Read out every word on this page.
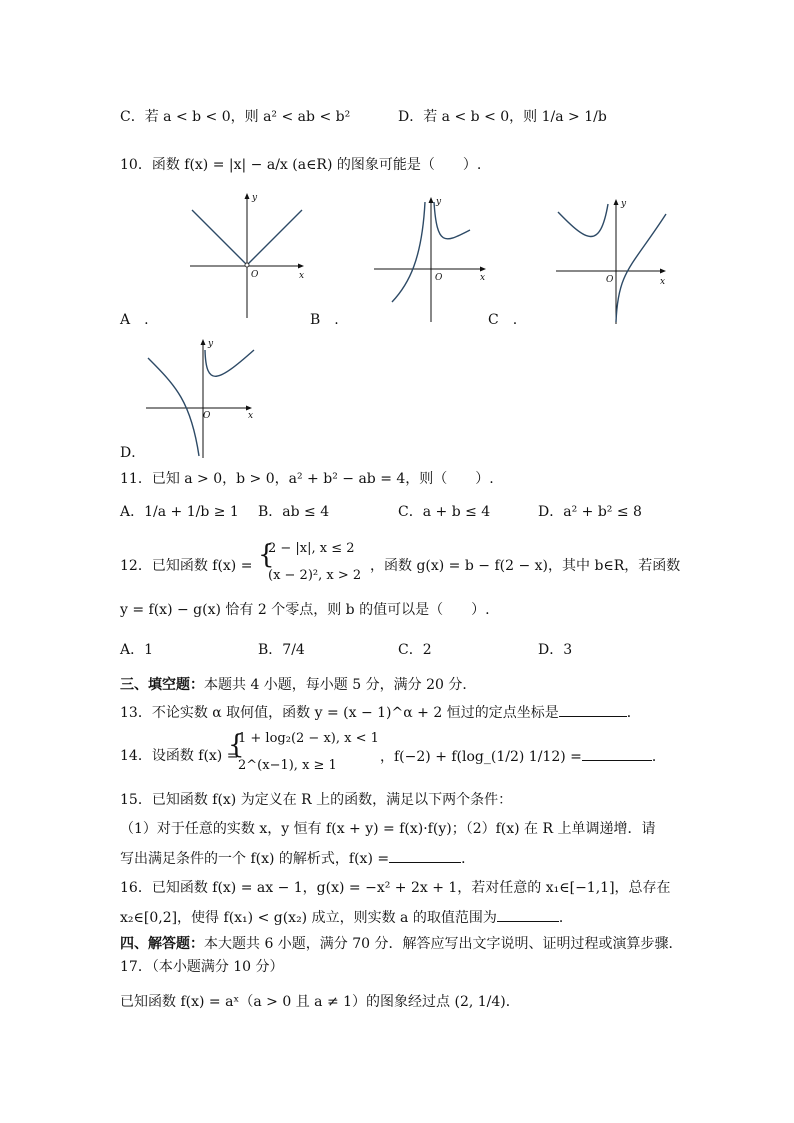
C．若 a < b < 0，则 a² < ab < b²	D．若 a < b < 0，则 1/a > 1/b
10．函数 f(x) = |x| − a/x (a∈R) 的图象可能是（　　）.
y
x
O
y
x
O
y
x
O
A　.	B　.	C　.
y
x
O
D．
11．已知 a > 0，b > 0，a² + b² − ab = 4，则（　　）.
A．1/a + 1/b ≥ 1 B．ab ≤ 4	C．a + b ≤ 4	D．a² + b² ≤ 8
12．已知函数 f(x) = {
2 − |x|, x ≤ 2
(x − 2)², x > 2
，函数 g(x) = b − f(2 − x)，其中 b∈R，若函数
y = f(x) − g(x) 恰有 2 个零点，则 b 的值可以是（　　）.
A．1	B．7/4	C．2	D．3
三、填空题：本题共 4 小题，每小题 5 分，满分 20 分．
13．不论实数 α 取何值，函数 y = (x − 1)^α + 2 恒过的定点坐标是	．
14．设函数 f(x) =
{
1 + log₂(2 − x), x < 1
2^(x−1), x ≥ 1
，f(−2) + f(log_(1/2) 1/12) =	．
15．已知函数 f(x) 为定义在 R 上的函数，满足以下两个条件：
（1）对于任意的实数 x，y 恒有 f(x + y) = f(x)·f(y)；（2）f(x) 在 R 上单调递增．请
写出满足条件的一个 f(x) 的解析式，f(x) =	．
16．已知函数 f(x) = ax − 1，g(x) = −x² + 2x + 1，若对任意的 x₁∈[−1,1]，总存在
x₂∈[0,2]，使得 f(x₁) < g(x₂) 成立，则实数 a 的取值范围为	．
四、解答题：本大题共 6 小题，满分 70 分．解答应写出文字说明、证明过程或演算步骤．
17．（本小题满分 10 分）
已知函数 f(x) = aˣ（a > 0 且 a ≠ 1）的图象经过点 (2, 1/4)．
